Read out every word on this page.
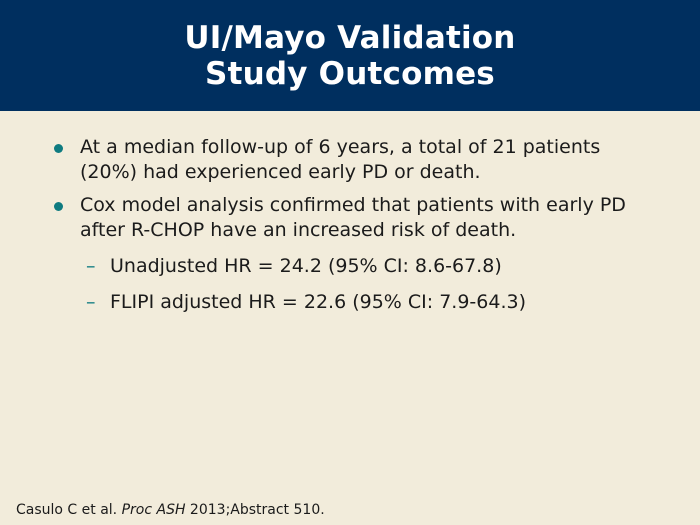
UI/Mayo Validation
Study Outcomes
At a median follow-up of 6 years, a total of 21 patients
(20%) had experienced early PD or death.
Cox model analysis confirmed that patients with early PD
after R-CHOP have an increased risk of death.
– Unadjusted HR = 24.2 (95% CI: 8.6-67.8)
– FLIPI adjusted HR = 22.6 (95% CI: 7.9-64.3)
Casulo C et al. Proc ASH 2013;Abstract 510.
